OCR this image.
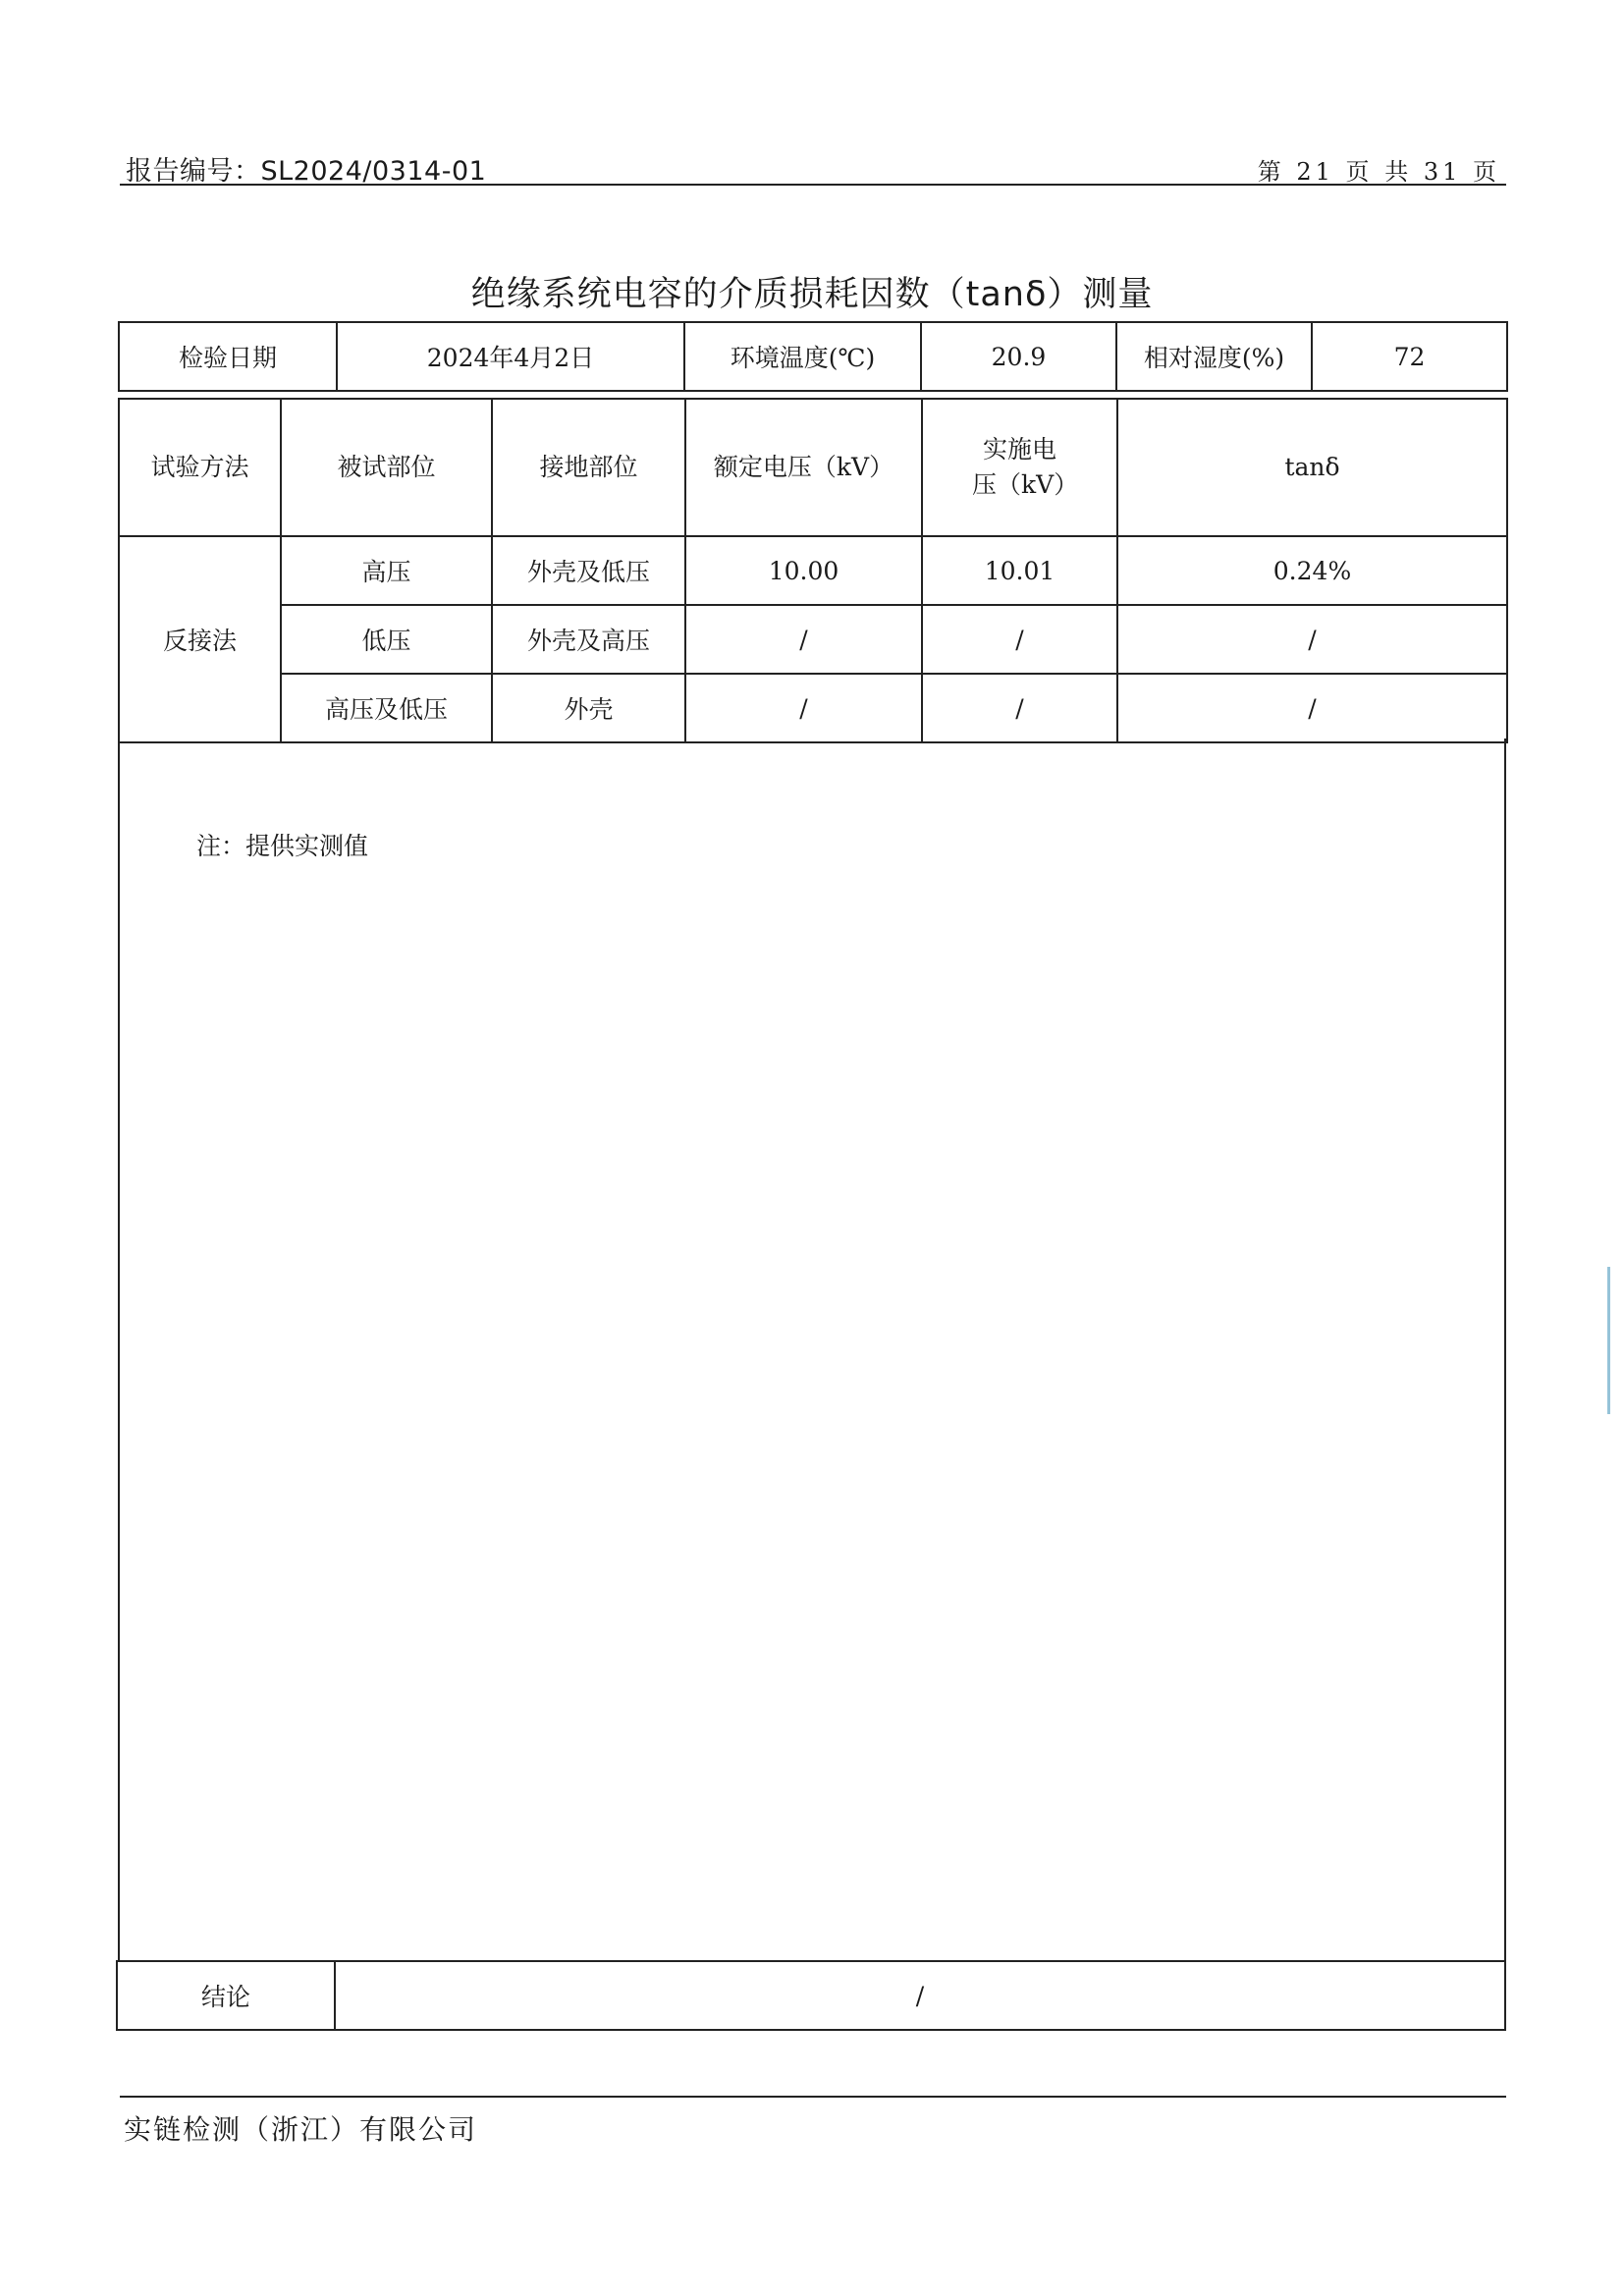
报告编号：SL2024/0314-01	第 21 页 共 31 页
绝缘系统电容的介质损耗因数（tanδ）测量
检验日期	2024年4月2日	环境温度(℃)	20.9	相对湿度(%)	72
试验方法	被试部位	接地部位	额定电压（kV）	实施电压（kV）	tanδ
反接法	高压	外壳及低压	10.00	10.01	0.24%
	低压	外壳及高压	/	/	/
	高压及低压	外壳	/	/	/
注：提供实测值
结论	/
实链检测（浙江）有限公司
